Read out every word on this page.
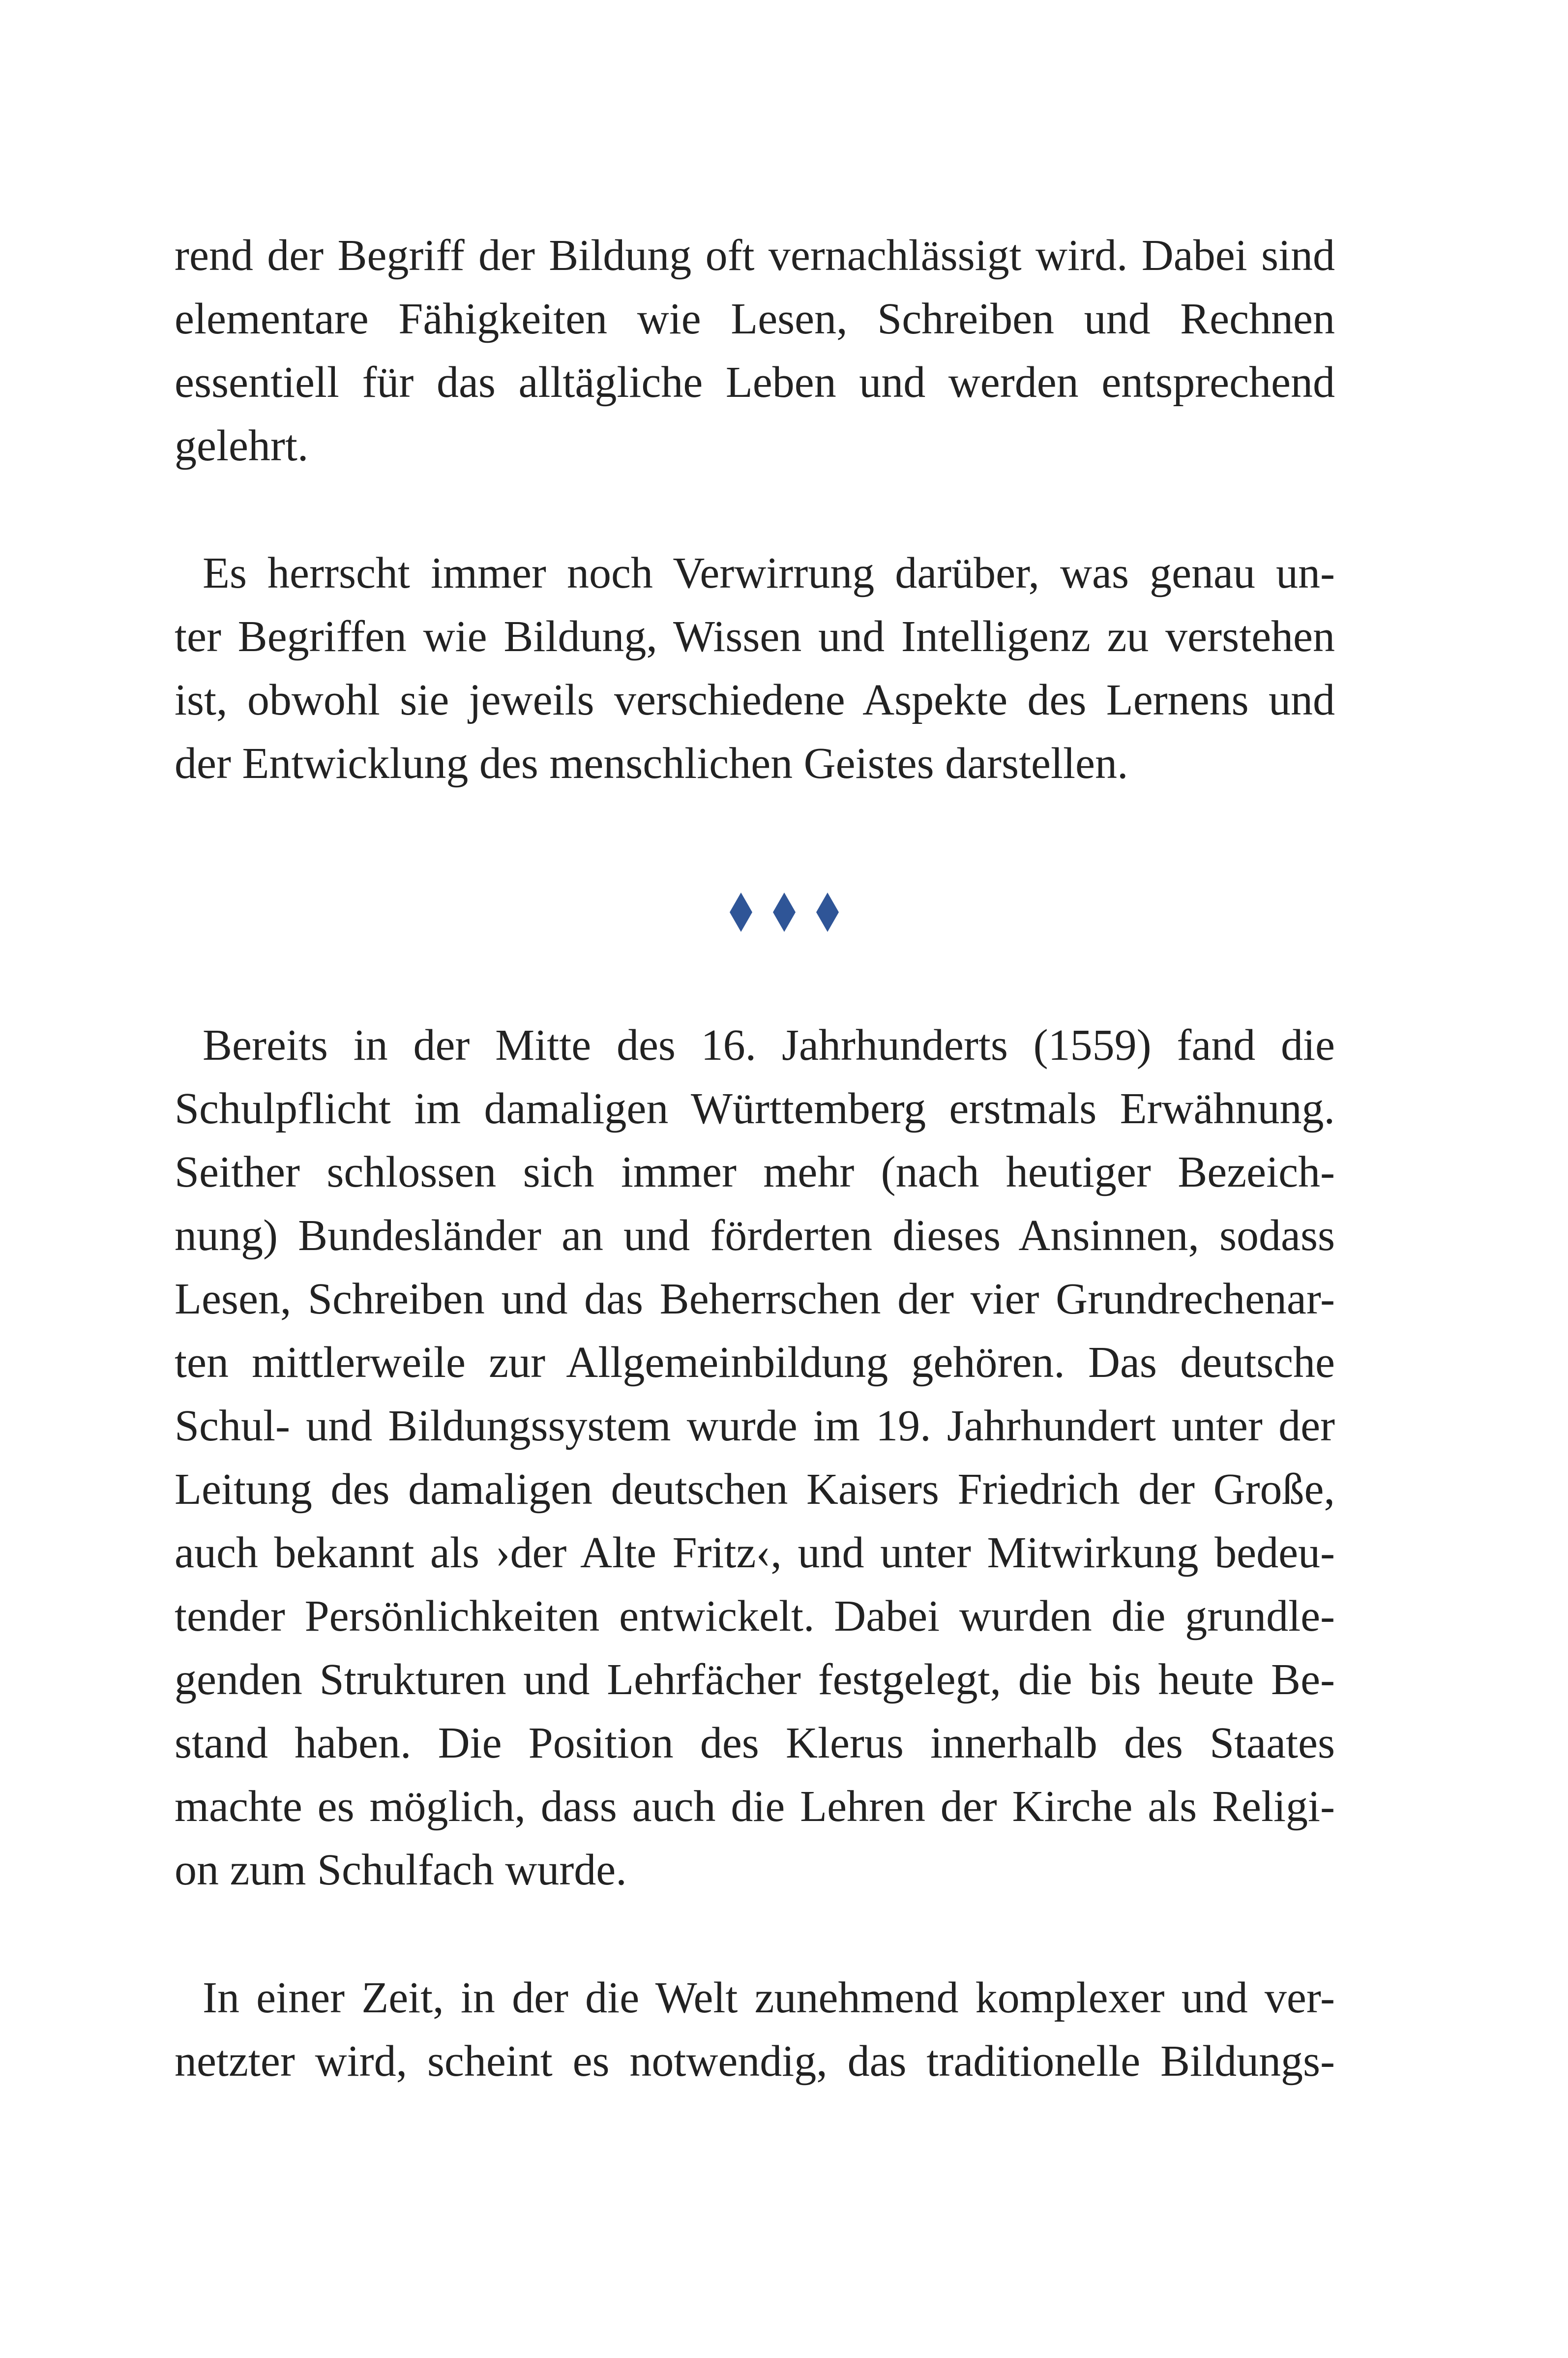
rend der Begriff der Bildung oft vernachlässigt wird. Dabei sind
elementare Fähigkeiten wie Lesen, Schreiben und Rechnen
essentiell für das alltägliche Leben und werden entsprechend
gelehrt.
Es herrscht immer noch Verwirrung darüber, was genau un-
ter Begriffen wie Bildung, Wissen und Intelligenz zu verstehen
ist, obwohl sie jeweils verschiedene Aspekte des Lernens und
der Entwicklung des menschlichen Geistes darstellen.
Bereits in der Mitte des 16. Jahrhunderts (1559) fand die
Schulpflicht im damaligen Württemberg erstmals Erwähnung.
Seither schlossen sich immer mehr (nach heutiger Bezeich-
nung) Bundesländer an und förderten dieses Ansinnen, sodass
Lesen, Schreiben und das Beherrschen der vier Grundrechenar-
ten mittlerweile zur Allgemeinbildung gehören. Das deutsche
Schul- und Bildungssystem wurde im 19. Jahrhundert unter der
Leitung des damaligen deutschen Kaisers Friedrich der Große,
auch bekannt als ›der Alte Fritz‹, und unter Mitwirkung bedeu-
tender Persönlichkeiten entwickelt. Dabei wurden die grundle-
genden Strukturen und Lehrfächer festgelegt, die bis heute Be-
stand haben. Die Position des Klerus innerhalb des Staates
machte es möglich, dass auch die Lehren der Kirche als Religi-
on zum Schulfach wurde.
In einer Zeit, in der die Welt zunehmend komplexer und ver-
netzter wird, scheint es notwendig, das traditionelle Bildungs-
